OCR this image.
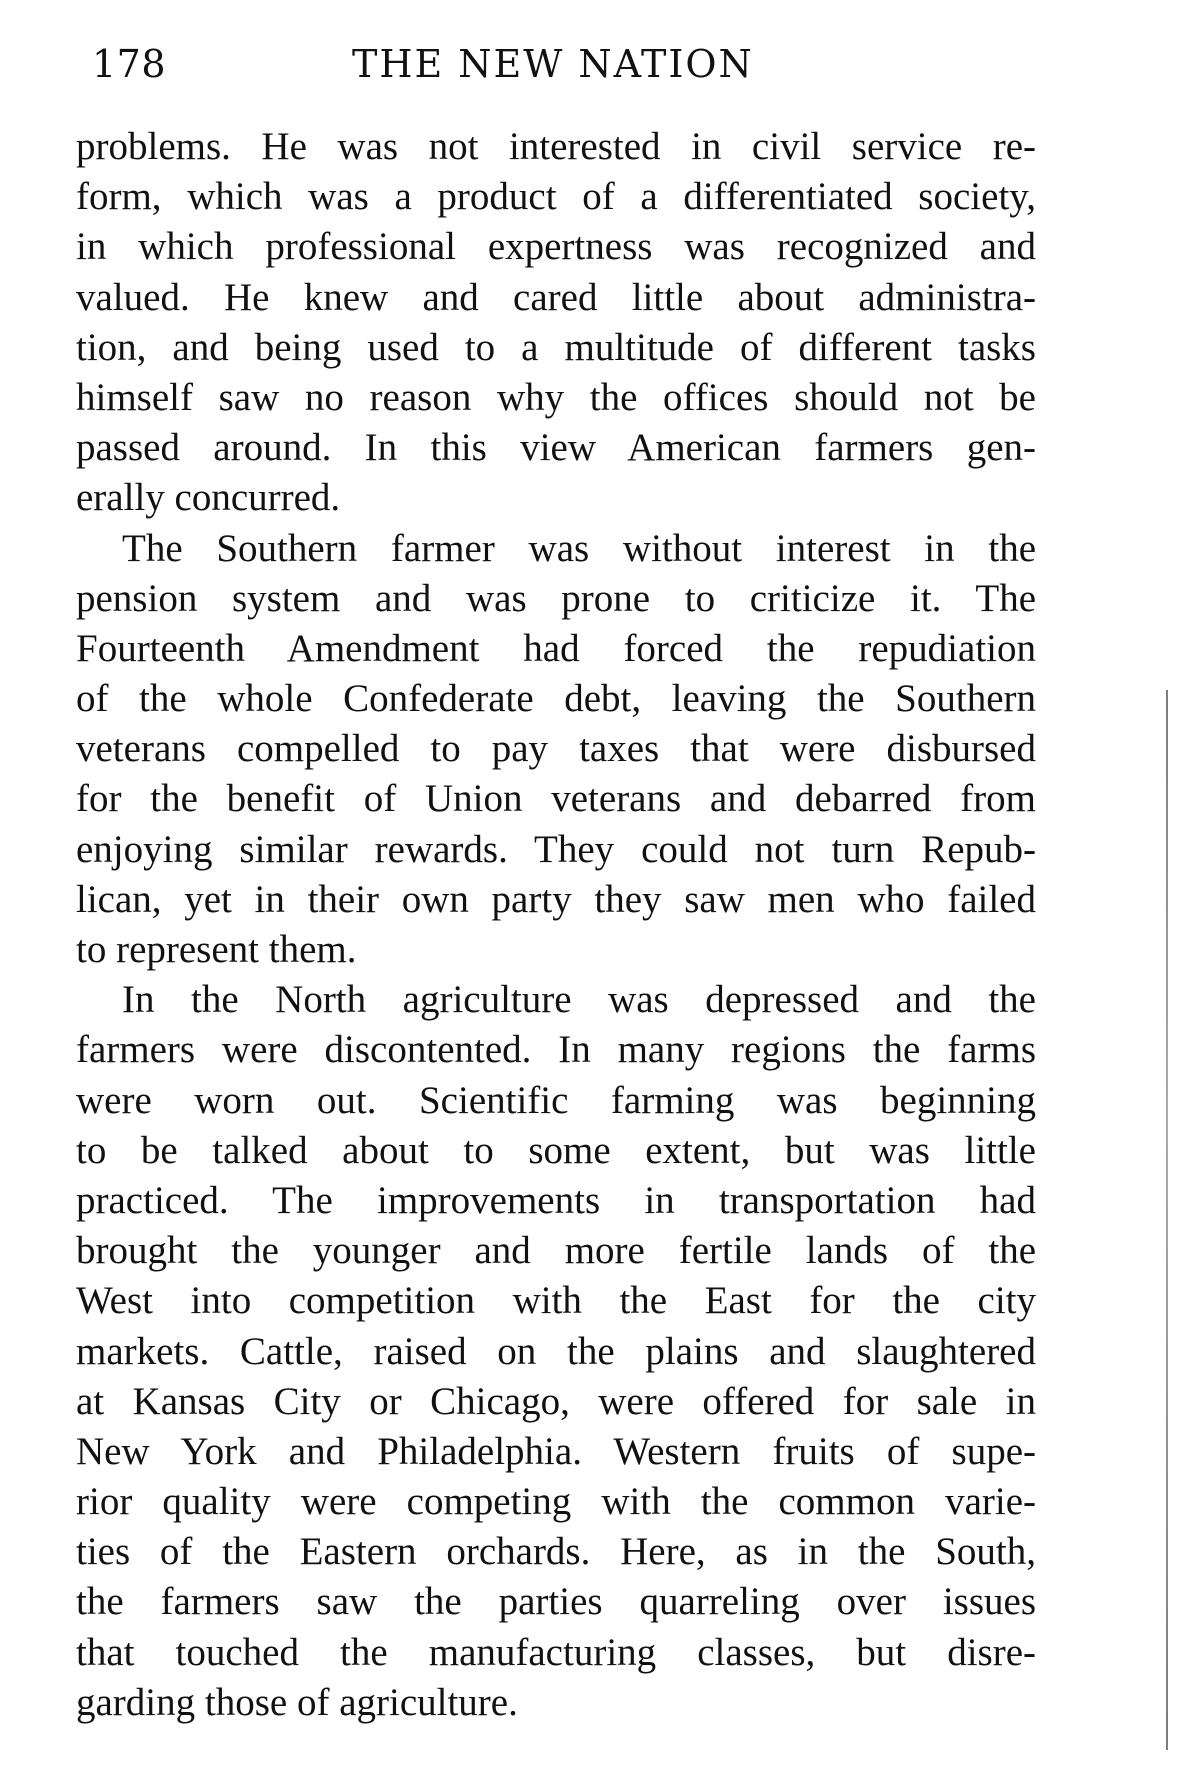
178	THE NEW NATION
problems. He was not interested in civil service re-
form, which was a product of a differentiated society,
in which professional expertness was recognized and
valued. He knew and cared little about administra-
tion, and being used to a multitude of different tasks
himself saw no reason why the offices should not be
passed around. In this view American farmers gen-
erally concurred.
The Southern farmer was without interest in the
pension system and was prone to criticize it. The
Fourteenth Amendment had forced the repudiation
of the whole Confederate debt, leaving the Southern
veterans compelled to pay taxes that were disbursed
for the benefit of Union veterans and debarred from
enjoying similar rewards. They could not turn Repub-
lican, yet in their own party they saw men who failed
to represent them.
In the North agriculture was depressed and the
farmers were discontented. In many regions the farms
were worn out. Scientific farming was beginning
to be talked about to some extent, but was little
practiced. The improvements in transportation had
brought the younger and more fertile lands of the
West into competition with the East for the city
markets. Cattle, raised on the plains and slaughtered
at Kansas City or Chicago, were offered for sale in
New York and Philadelphia. Western fruits of supe-
rior quality were competing with the common varie-
ties of the Eastern orchards. Here, as in the South,
the farmers saw the parties quarreling over issues
that touched the manufacturing classes, but disre-
garding those of agriculture.
